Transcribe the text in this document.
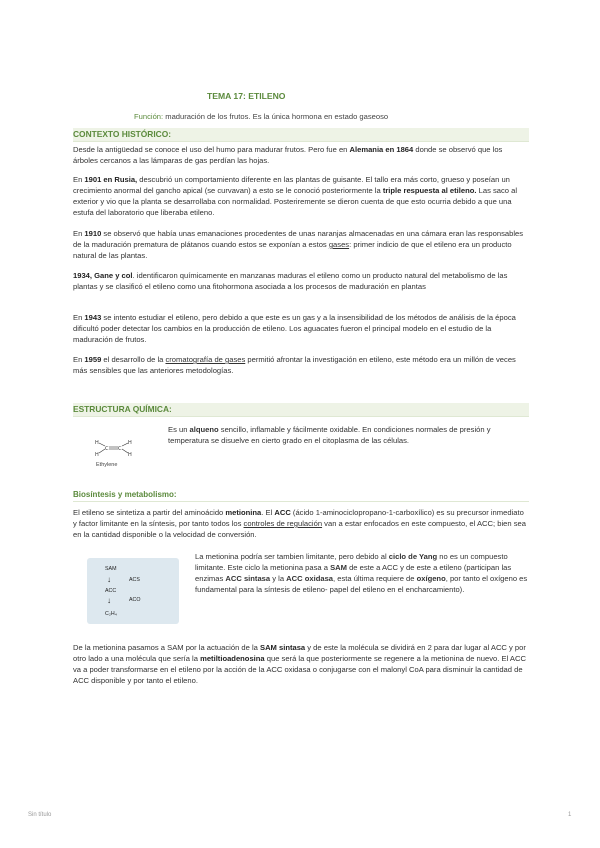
TEMA 17: ETILENO
Función: maduración de los frutos. Es la única hormona en estado gaseoso
CONTEXTO HISTÓRICO:
Desde la antigüedad se conoce el uso del humo para madurar frutos. Pero fue en Alemania en 1864 donde se observó que los árboles cercanos a las lámparas de gas perdían las hojas.
En 1901 en Rusia, descubrió un comportamiento diferente en las plantas de guisante. El tallo era más corto, grueso y poseían un crecimiento anormal del gancho apical (se curvavan) a esto se le conoció posteriormente la triple respuesta al etileno. Las saco al exterior y vio que la planta se desarrollaba con normalidad. Posteriremente se dieron cuenta de que esto ocurria debido a que una estufa del laboratorio que liberaba etileno.
En 1910 se observó que había unas emanaciones procedentes de unas naranjas almacenadas en una cámara eran las responsables de la maduración prematura de plátanos cuando estos se exponían a estos gases: primer indicio de que el etileno era un producto natural de las plantas.
1934, Gane y col. identificaron químicamente en manzanas maduras el etileno como un producto natural del metabolismo de las plantas y se clasificó el etileno como una fitohormona asociada a los procesos de maduración en plantas
En 1943 se intento estudiar el etileno, pero debido a que este es un gas y a la insensibilidad de los métodos de análisis de la época dificultó poder detectar los cambios en la producción de etileno. Los aguacates fueron el principal modelo en el estudio de la maduración de frutos.
En 1959 el desarrollo de la cromatografía de gases permitió afrontar la investigación en etileno, este método era un millón de veces más sensibles que las anteriores metodologías.
ESTRUCTURA QUÍMICA:
H
H
C C
H
H
Ethylene
Es un alqueno sencillo, inflamable y fácilmente oxidable. En condiciones normales de presión y temperatura se disuelve en cierto grado en el citoplasma de las células.
Biosíntesis y metabolismo:
El etileno se sintetiza a partir del aminoácido metionina. El ACC (ácido 1-aminociclopropano-1-carboxílico) es su precursor inmediato y factor limitante en la síntesis, por tanto todos los controles de regulación van a estar enfocados en este compuesto, el ACC; bien sea en la cantidad disponible o la velocidad de conversión.
SAM
↓	ACS
ACC
↓	ACO
C₂H₄
La metionina podría ser tambien limitante, pero debido al ciclo de Yang no es un compuesto limitante. Este ciclo la metionina pasa a SAM de este a ACC y de este a etileno (participan las enzimas ACC sintasa y la ACC oxidasa, esta última requiere de oxígeno, por tanto el oxígeno es fundamental para la síntesis de etileno- papel del etileno en el encharcamiento).
De la metionina pasamos a SAM por la actuación de la SAM sintasa y de este la molécula se dividirá en 2 para dar lugar al ACC y por otro lado a una molécula que sería la metiltioadenosina que será la que posteriormente se regenere a la metionina de nuevo. El ACC va a poder transformarse en el etileno por la acción de la ACC oxidasa o conjugarse con el malonyl CoA para disminuir la cantidad de ACC disponible y por tanto el etileno.
Sin título	1
